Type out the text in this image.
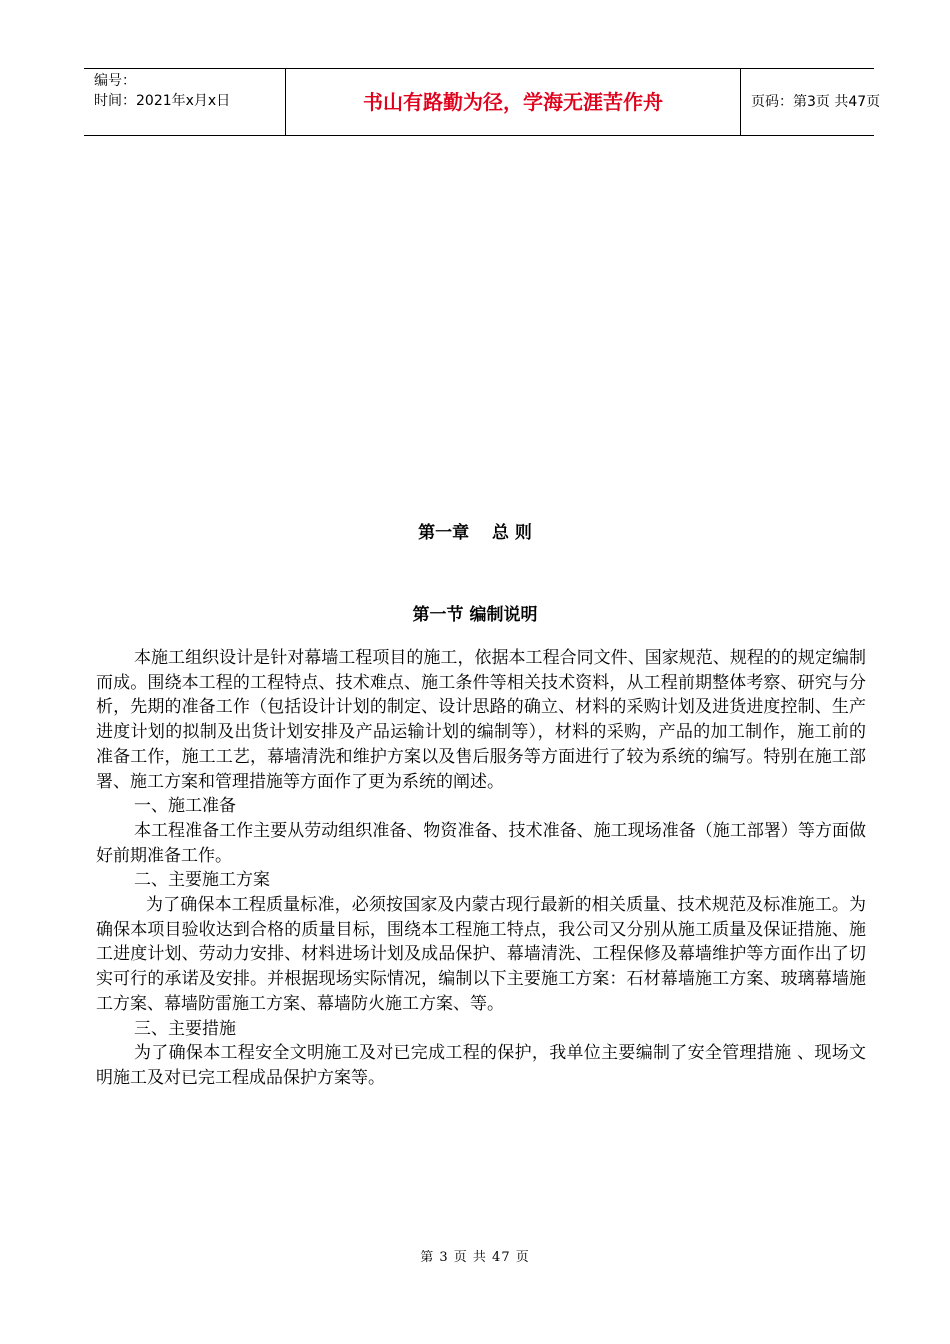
编号：
时间：2021年x月x日	书山有路勤为径，学海无涯苦作舟	页码：第3页 共47页
第一章　 总 则
第一节 编制说明

本施工组织设计是针对幕墙工程项目的施工，依据本工程合同文件、国家规范、规程的的规定编制而成。围绕本工程的工程特点、技术难点、施工条件等相关技术资料，从工程前期整体考察、研究与分析，先期的准备工作（包括设计计划的制定、设计思路的确立、材料的采购计划及进货进度控制、生产进度计划的拟制及出货计划安排及产品运输计划的编制等），材料的采购，产品的加工制作，施工前的准备工作，施工工艺，幕墙清洗和维护方案以及售后服务等方面进行了较为系统的编写。特别在施工部署、施工方案和管理措施等方面作了更为系统的阐述。

一、施工准备

本工程准备工作主要从劳动组织准备、物资准备、技术准备、施工现场准备（施工部署）等方面做好前期准备工作。

二、主要施工方案

为了确保本工程质量标准，必须按国家及内蒙古现行最新的相关质量、技术规范及标准施工。为确保本项目验收达到合格的质量目标，围绕本工程施工特点，我公司又分别从施工质量及保证措施、施工进度计划、劳动力安排、材料进场计划及成品保护、幕墙清洗、工程保修及幕墙维护等方面作出了切实可行的承诺及安排。并根据现场实际情况，编制以下主要施工方案：石材幕墙施工方案、玻璃幕墙施工方案、幕墙防雷施工方案、幕墙防火施工方案、等。

三、主要措施

为了确保本工程安全文明施工及对已完成工程的保护，我单位主要编制了安全管理措施 、现场文明施工及对已完工程成品保护方案等。

第 3 页 共 47 页
